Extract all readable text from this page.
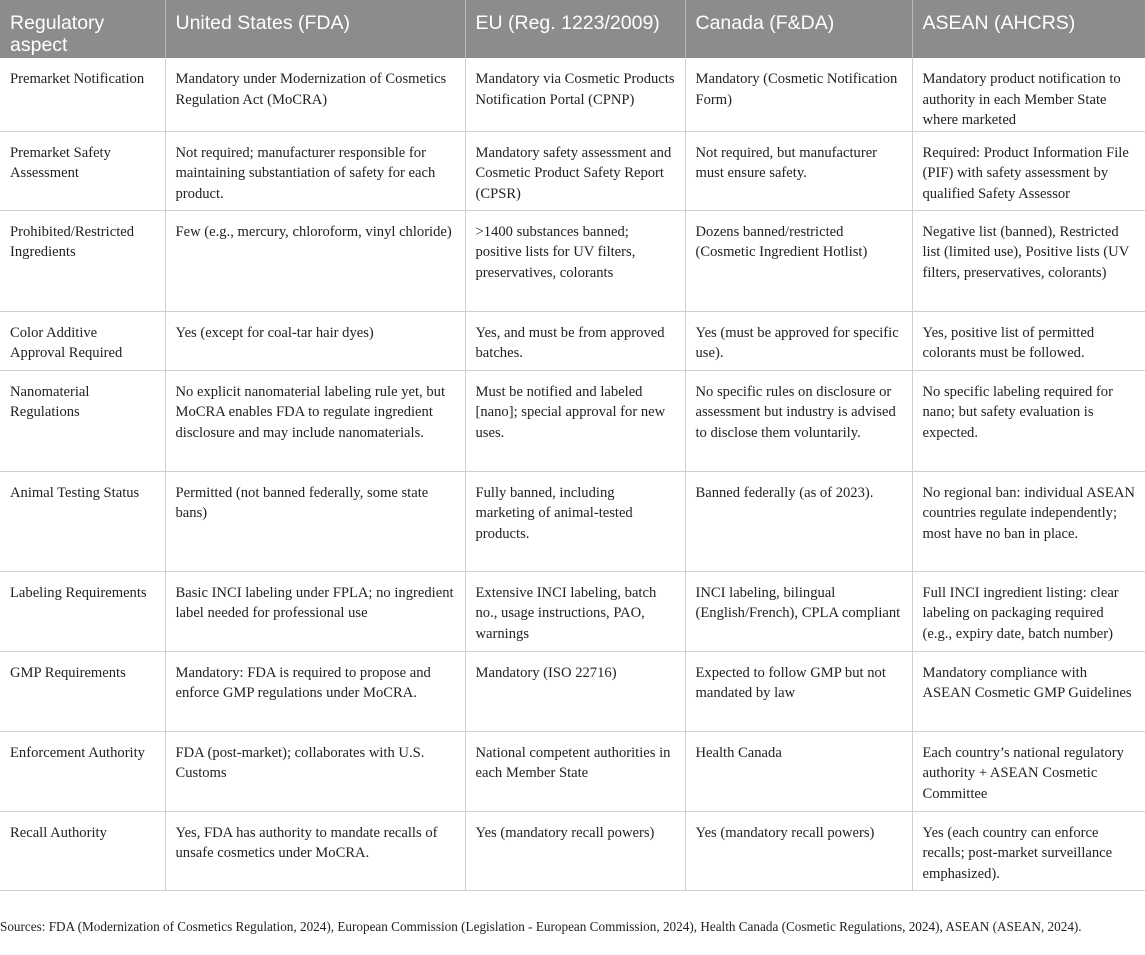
Regulatory aspect	United States (FDA)	EU (Reg. 1223/2009)	Canada (F&DA)	ASEAN (AHCRS)
Premarket Notification	Mandatory under Modernization of Cosmetics Regulation Act (MoCRA)	Mandatory via Cosmetic Products Notification Portal (CPNP)	Mandatory (Cosmetic Notification Form)	Mandatory product notification to authority in each Member State where marketed
Premarket Safety Assessment	Not required; manufacturer responsible for maintaining substantiation of safety for each product.	Mandatory safety assessment and Cosmetic Product Safety Report (CPSR)	Not required, but manufacturer must ensure safety.	Required: Product Information File (PIF) with safety assessment by qualified Safety Assessor
Prohibited/Restricted Ingredients	Few (e.g., mercury, chloroform, vinyl chloride)	>1400 substances banned; positive lists for UV filters, preservatives, colorants	Dozens banned/restricted (Cosmetic Ingredient Hotlist)	Negative list (banned), Restricted list (limited use), Positive lists (UV filters, preservatives, colorants)
Color Additive Approval Required	Yes (except for coal-tar hair dyes)	Yes, and must be from approved batches.	Yes (must be approved for specific use).	Yes, positive list of permitted colorants must be followed.
Nanomaterial Regulations	No explicit nanomaterial labeling rule yet, but MoCRA enables FDA to regulate ingredient disclosure and may include nanomaterials.	Must be notified and labeled [nano]; special approval for new uses.	No specific rules on disclosure or assessment but industry is advised to disclose them voluntarily.	No specific labeling required for nano; but safety evaluation is expected.
Animal Testing Status	Permitted (not banned federally, some state bans)	Fully banned, including marketing of animal-tested products.	Banned federally (as of 2023).	No regional ban: individual ASEAN countries regulate independently; most have no ban in place.
Labeling Requirements	Basic INCI labeling under FPLA; no ingredient label needed for professional use	Extensive INCI labeling, batch no., usage instructions, PAO, warnings	INCI labeling, bilingual (English/French), CPLA compliant	Full INCI ingredient listing: clear labeling on packaging required (e.g., expiry date, batch number)
GMP Requirements	Mandatory: FDA is required to propose and enforce GMP regulations under MoCRA.	Mandatory (ISO 22716)	Expected to follow GMP but not mandated by law	Mandatory compliance with ASEAN Cosmetic GMP Guidelines
Enforcement Authority	FDA (post-market); collaborates with U.S. Customs	National competent authorities in each Member State	Health Canada	Each country’s national regulatory authority + ASEAN Cosmetic Committee
Recall Authority	Yes, FDA has authority to mandate recalls of unsafe cosmetics under MoCRA.	Yes (mandatory recall powers)	Yes (mandatory recall powers)	Yes (each country can enforce recalls; post-market surveillance emphasized).
Sources: FDA (Modernization of Cosmetics Regulation, 2024), European Commission (Legislation - European Commission, 2024), Health Canada (Cosmetic Regulations, 2024), ASEAN (ASEAN, 2024).
